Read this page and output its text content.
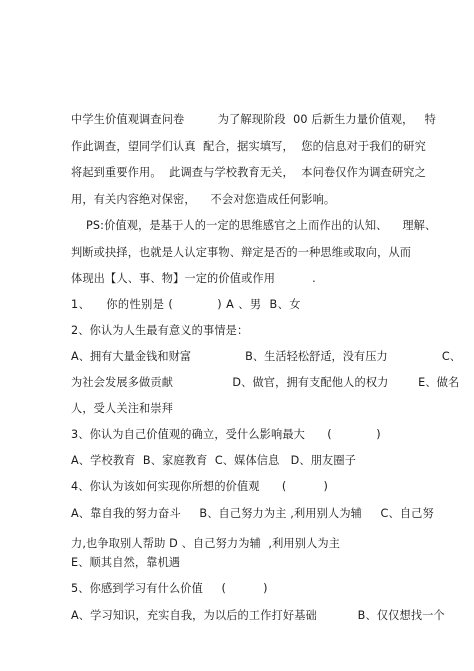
中学生价值观调查问卷         为了解现阶段  00 后新生力量价值观，   特
作此调查，望同学们认真  配合，据实填写，  您的信息对于我们的研究
将起到重要作用。  此调查与学校教育无关，  本问卷仅作为调查研究之
用，有关内容绝对保密，    不会对您造成任何影响。
PS:价值观，是基于人的一定的思维感官之上而作出的认知、    理解、
判断或抉择，也就是人认定事物、辩定是否的一种思维或取向，从而
体现出【人、事、物】一定的价值或作用          .
1、    你的性别是 (           ) A 、男  B、女
2、你认为人生最有意义的事情是：
A、拥有大量金钱和财富               B、生活轻松舒适，没有压力               C、
为社会发展多做贡献                D、做官，拥有支配他人的权力        E、做名
人，受人关注和崇拜
3、你认为自己价值观的确立，受什么影响最大      (            )
A、学校教育  B、家庭教育  C、媒体信息   D、朋友圈子
4、你认为该如何实现你所想的价值观      (          )
A、靠自我的努力奋斗     B、自己努力为主 ,利用别人为辅     C、自己努
力,也争取别人帮助 D 、自己努力为辅  ,利用别人为主
E、顺其自然，靠机遇
5、你感到学习有什么价值     (          )
A、学习知识，充实自我，为以后的工作打好基础           B、仅仅想找一个
